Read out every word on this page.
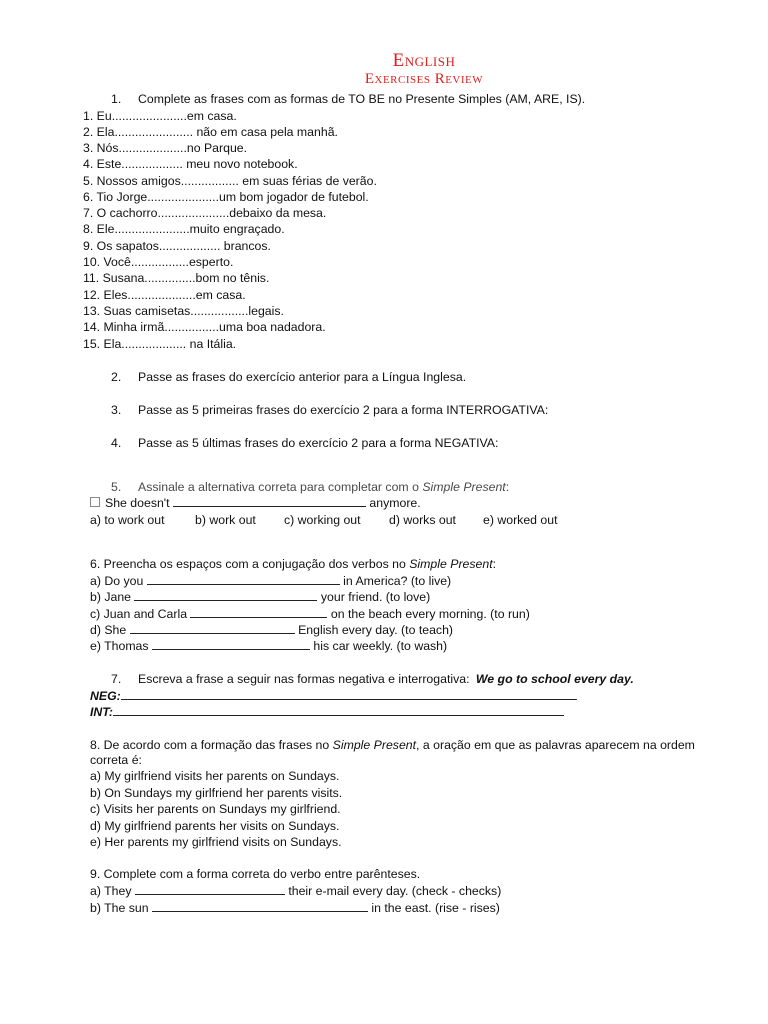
English
Exercises Review
1. Complete as frases com as formas de TO BE no Presente Simples (AM, ARE, IS).
1. Eu......................em casa.
2. Ela....................... não em casa pela manhã.
3. Nós....................no Parque.
4. Este.................. meu novo notebook.
5. Nossos amigos................. em suas férias de verão.
6. Tio Jorge.....................um bom jogador de futebol.
7. O cachorro.....................debaixo da mesa.
8. Ele......................muito engraçado.
9. Os sapatos.................. brancos.
10. Você.................esperto.
11. Susana...............bom no tênis.
12. Eles....................em casa.
13. Suas camisetas.................legais.
14. Minha irmã................uma boa nadadora.
15. Ela................... na Itália.
2. Passe as frases do exercício anterior para a Língua Inglesa.
3. Passe as 5 primeiras frases do exercício 2 para a forma INTERROGATIVA:
4. Passe as 5 últimas frases do exercício 2 para a forma NEGATIVA:
5. Assinale a alternativa correta para completar com o Simple Present:
She doesn't	anymore.
a) to work out b) work out c) working out d) works out e) worked out
6. Preencha os espaços com a conjugação dos verbos no Simple Present:
a) Do you	in America? (to live)
b) Jane	your friend. (to love)
c) Juan and Carla	on the beach every morning. (to run)
d) She	English every day. (to teach)
e) Thomas	his car weekly. (to wash)
7. Escreva a frase a seguir nas formas negativa e interrogativa: We go to school every day.
NEG:
INT:
8. De acordo com a formação das frases no Simple Present, a oração em que as palavras aparecem na ordem
correta é:
a) My girlfriend visits her parents on Sundays.
b) On Sundays my girlfriend her parents visits.
c) Visits her parents on Sundays my girlfriend.
d) My girlfriend parents her visits on Sundays.
e) Her parents my girlfriend visits on Sundays.
9. Complete com a forma correta do verbo entre parênteses.
a) They	their e-mail every day. (check - checks)
b) The sun	in the east. (rise - rises)
